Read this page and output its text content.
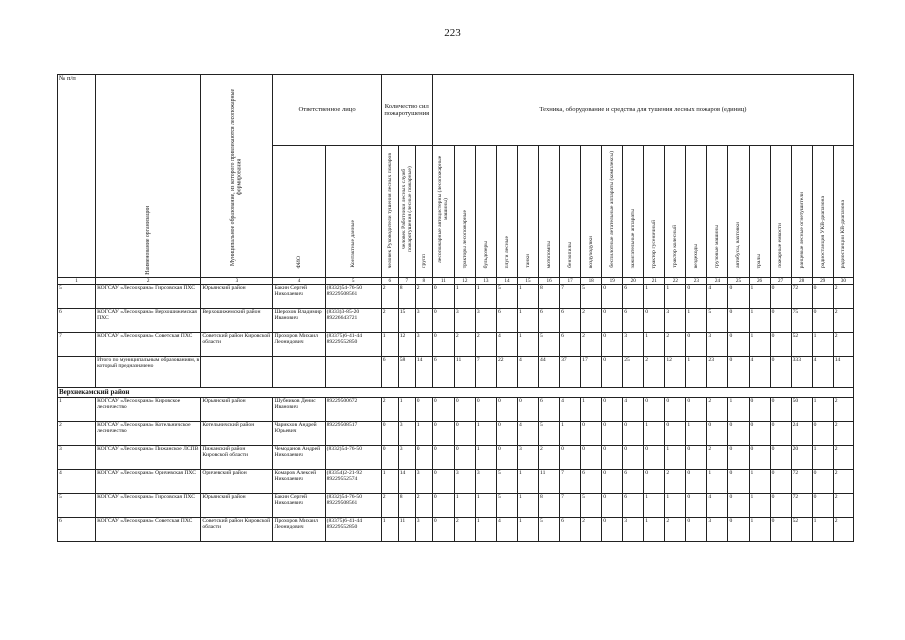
223
№ п/п	Наименование организации	Муниципальное образование, из которого привлекаются лесопожарные формирования	Ответственное лицо		Количество сил пожаротушения			Техника, оборудование и средства для тушения лесных пожаров (единиц)																			

			ФИО	Контактные данные	человек Руководители тушения лесных пожаров	человек Работники лесных служб пожаротушения (лесные пожарные)	групп	лесопожарные автоцистерны (лесопожарные машины)	тракторы лесопожарные	бульдозеры	плуги лесные	танки	мотопомпы	бензопилы	воздуходувки	беспилотные летательные аппараты (комплексы)	зажигательные аппараты	трактор гусеничный	трактор колесный	вездеходы	грузовые машины	автобусы, вахтовки	тралы	пожарные емкости	ранцевые лесные огнетушители	радиостанция УКВ-диапазона	радиостанции КВ-диапазона

1	2	3	4	5	6	7	8	11	12	13	14	15	16	17	18	19	20	21	22	23	24	25	26	27	28	29	30
5	КОГСАУ «Лесоохрана» Гирсовская ПХС	Юрьянский район	Бакин Сергей Николаевич	(8332)54-76-50 89229508561	2	8	2	0	1	1	5	1	8	7	5	0	6	1	1	0	4	0	1	0	72	0	2
6	КОГСАУ «Лесоохрана» Верхошижемская ПХС	Верхошижемский район	Шерохов Владимир Иванович	(8333)3-85-20 89226643721	2	15	3	0	3	3	6	1	6	6	2	0	6	0	3	1	5	0	1	0	75	0	2
7	КОГСАУ «Лесоохрана» Советская ПХС	Советский район Кировской области	Прохоров Михаил Леонидович	(83375)6-41-44 89229552850	1	12	3	0	2	2	4	1	5	6	2	0	3	1	2	0	3	0	1	0	52	1	2
	Итого по муниципальным образованиям, в который предназначено				6	58	14	6	11	7	22	4	44	37	17	0	25	2	12	1	23	0	4	0	333	4	14
Верхнекамский район																											
1	КОГСАУ «Лесоохрана» Кировское лесничество	Юрьянский район	Шубников Денис Иванович	89229500672	2	1	0	0	0	0	0	0	6	4	1	0	4	0	0	0	2	1	0	0	50	1	2
2	КОГСАУ «Лесоохрана» Котельничское лесничество	Котельничский район	Чарикхов Андрей Юрьевич	89229508517	0	3	1	0	0	1	0	4	5	1	0	0	0	1	0	1	0	0	0	0	24	0	2
3	КОГСАУ «Лесоохрана» Пижанское ЛСПВ	Пижанский район Кировской области	Чемоданов Андрей Николаевич	(8332)54-76-50	0	3	0	0	0	1	0	3	2	0	0	0	0	0	1	0	2	0	0	0	20	1	2
4	КОГСАУ «Лесоохрана» Оричевская ПХС	Оричевский район	Комаров Алексей Николаевич	(83354)2-21-92 89229552574	1	14	3	0	3	3	5	1	11	7	6	0	6	0	2	0	1	0	1	0	72	0	2
5	КОГСАУ «Лесоохрана» Гирсовская ПХС	Юрьянский район	Бакин Сергей Николаевич	(8332)54-76-50 89229508561	2	8	2	0	1	1	5	1	8	7	5	0	6	1	1	0	4	0	1	0	72	0	2
6	КОГСАУ «Лесоохрана» Советская ПХС	Советский район Кировской области	Прохоров Михаил Леонидович	(83375)6-41-44 89229552850	1	11	3	0	2	1	4	1	5	6	2	0	3	1	2	0	3	0	1	0	52	1	2
